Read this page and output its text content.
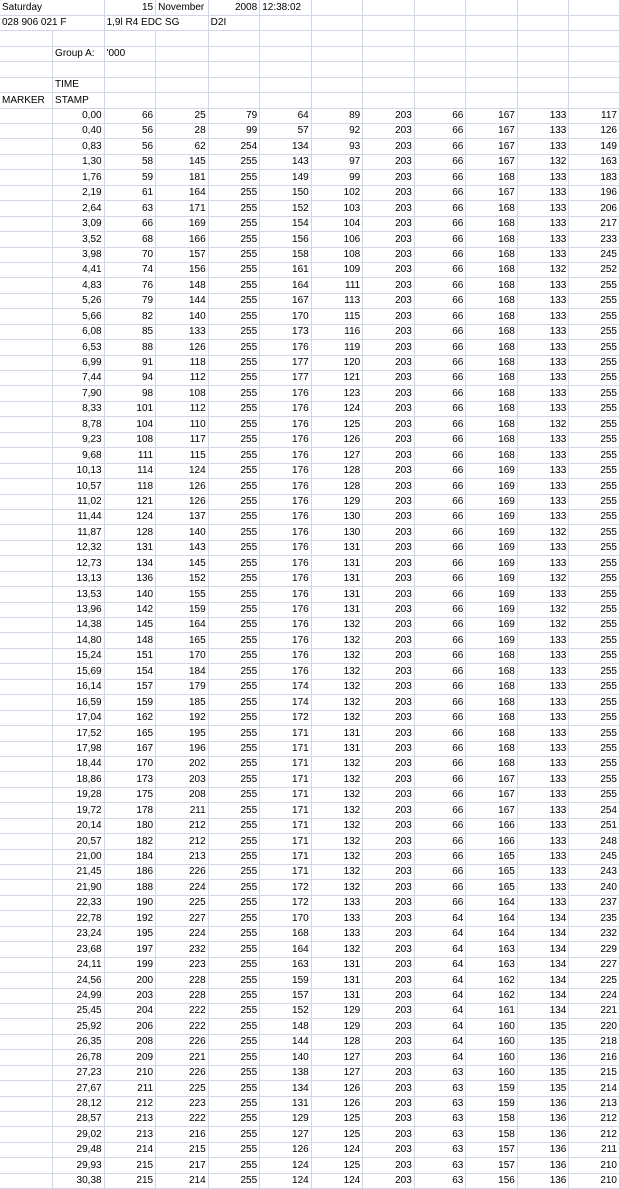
Saturday		15	November	2008	12:38:02						
028 906 021 F		1,9l R4 EDC SG		D2I							

	Group A:	'000									

	TIME										
MARKER	STAMP										
	0,00	66	25	79	64	89	203	66	167	133	117
	0,40	56	28	99	57	92	203	66	167	133	126
	0,83	56	62	254	134	93	203	66	167	133	149
	1,30	58	145	255	143	97	203	66	167	132	163
	1,76	59	181	255	149	99	203	66	168	133	183
	2,19	61	164	255	150	102	203	66	167	133	196
	2,64	63	171	255	152	103	203	66	168	133	206
	3,09	66	169	255	154	104	203	66	168	133	217
	3,52	68	166	255	156	106	203	66	168	133	233
	3,98	70	157	255	158	108	203	66	168	133	245
	4,41	74	156	255	161	109	203	66	168	132	252
	4,83	76	148	255	164	111	203	66	168	133	255
	5,26	79	144	255	167	113	203	66	168	133	255
	5,66	82	140	255	170	115	203	66	168	133	255
	6,08	85	133	255	173	116	203	66	168	133	255
	6,53	88	126	255	176	119	203	66	168	133	255
	6,99	91	118	255	177	120	203	66	168	133	255
	7,44	94	112	255	177	121	203	66	168	133	255
	7,90	98	108	255	176	123	203	66	168	133	255
	8,33	101	112	255	176	124	203	66	168	133	255
	8,78	104	110	255	176	125	203	66	168	132	255
	9,23	108	117	255	176	126	203	66	168	133	255
	9,68	111	115	255	176	127	203	66	168	133	255
	10,13	114	124	255	176	128	203	66	169	133	255
	10,57	118	126	255	176	128	203	66	169	133	255
	11,02	121	126	255	176	129	203	66	169	133	255
	11,44	124	137	255	176	130	203	66	169	133	255
	11,87	128	140	255	176	130	203	66	169	132	255
	12,32	131	143	255	176	131	203	66	169	133	255
	12,73	134	145	255	176	131	203	66	169	133	255
	13,13	136	152	255	176	131	203	66	169	132	255
	13,53	140	155	255	176	131	203	66	169	133	255
	13,96	142	159	255	176	131	203	66	169	132	255
	14,38	145	164	255	176	132	203	66	169	132	255
	14,80	148	165	255	176	132	203	66	169	133	255
	15,24	151	170	255	176	132	203	66	168	133	255
	15,69	154	184	255	176	132	203	66	168	133	255
	16,14	157	179	255	174	132	203	66	168	133	255
	16,59	159	185	255	174	132	203	66	168	133	255
	17,04	162	192	255	172	132	203	66	168	133	255
	17,52	165	195	255	171	131	203	66	168	133	255
	17,98	167	196	255	171	131	203	66	168	133	255
	18,44	170	202	255	171	132	203	66	168	133	255
	18,86	173	203	255	171	132	203	66	167	133	255
	19,28	175	208	255	171	132	203	66	167	133	255
	19,72	178	211	255	171	132	203	66	167	133	254
	20,14	180	212	255	171	132	203	66	166	133	251
	20,57	182	212	255	171	132	203	66	166	133	248
	21,00	184	213	255	171	132	203	66	165	133	245
	21,45	186	226	255	171	132	203	66	165	133	243
	21,90	188	224	255	172	132	203	66	165	133	240
	22,33	190	225	255	172	133	203	66	164	133	237
	22,78	192	227	255	170	133	203	64	164	134	235
	23,24	195	224	255	168	133	203	64	164	134	232
	23,68	197	232	255	164	132	203	64	163	134	229
	24,11	199	223	255	163	131	203	64	163	134	227
	24,56	200	228	255	159	131	203	64	162	134	225
	24,99	203	228	255	157	131	203	64	162	134	224
	25,45	204	222	255	152	129	203	64	161	134	221
	25,92	206	222	255	148	129	203	64	160	135	220
	26,35	208	226	255	144	128	203	64	160	135	218
	26,78	209	221	255	140	127	203	64	160	136	216
	27,23	210	226	255	138	127	203	63	160	135	215
	27,67	211	225	255	134	126	203	63	159	135	214
	28,12	212	223	255	131	126	203	63	159	136	213
	28,57	213	222	255	129	125	203	63	158	136	212
	29,02	213	216	255	127	125	203	63	158	136	212
	29,48	214	215	255	126	124	203	63	157	136	211
	29,93	215	217	255	124	125	203	63	157	136	210
	30,38	215	214	255	124	124	203	63	156	136	210
